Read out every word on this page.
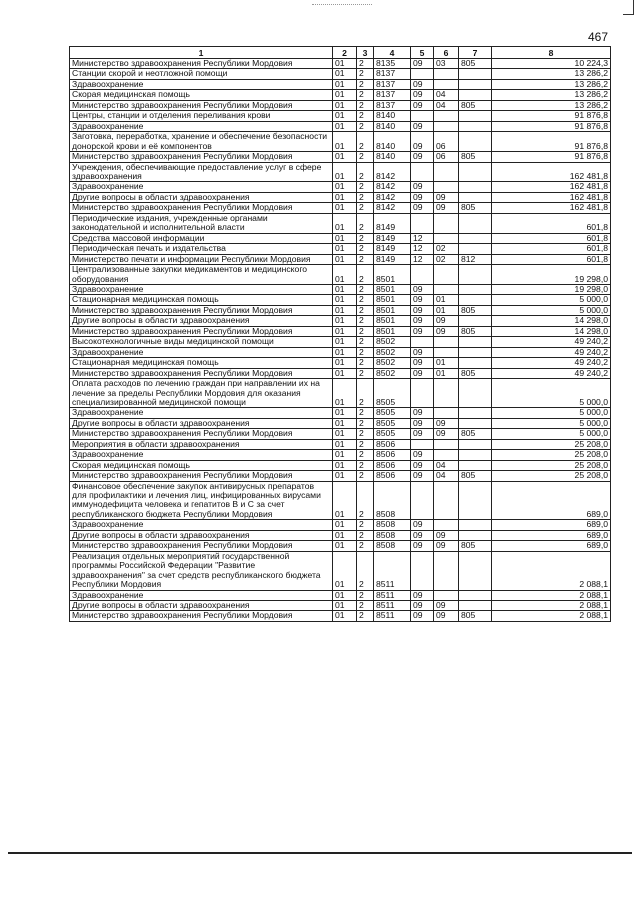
467
1	2	3	4	5	6	7	8
Министерство здравоохранения Республики Мордовия	01	2	8135	09	03	805	10 224,3
Станции скорой и неотложной помощи	01	2	8137				13 286,2
Здравоохранение	01	2	8137	09			13 286,2
Скорая медицинская помощь	01	2	8137	09	04		13 286,2
Министерство здравоохранения Республики Мордовия	01	2	8137	09	04	805	13 286,2
Центры, станции и отделения переливания крови	01	2	8140				91 876,8
Здравоохранение	01	2	8140	09			91 876,8
Заготовка, переработка, хранение и обеспечение безопасности донорской крови и её компонентов	01	2	8140	09	06		91 876,8
Министерство здравоохранения Республики Мордовия	01	2	8140	09	06	805	91 876,8
Учреждения, обеспечивающие предоставление услуг в сфере здравоохранения	01	2	8142				162 481,8
Здравоохранение	01	2	8142	09			162 481,8
Другие вопросы в области здравоохранения	01	2	8142	09	09		162 481,8
Министерство здравоохранения Республики Мордовия	01	2	8142	09	09	805	162 481,8
Периодические издания, учрежденные органами законодательной и исполнительной власти	01	2	8149				601,8
Средства массовой информации	01	2	8149	12			601,8
Периодическая печать и издательства	01	2	8149	12	02		601,8
Министерство печати и информации Республики Мордовия	01	2	8149	12	02	812	601,8
Централизованные закупки медикаментов и медицинского оборудования	01	2	8501				19 298,0
Здравоохранение	01	2	8501	09			19 298,0
Стационарная медицинская помощь	01	2	8501	09	01		5 000,0
Министерство здравоохранения Республики Мордовия	01	2	8501	09	01	805	5 000,0
Другие вопросы в области здравоохранения	01	2	8501	09	09		14 298,0
Министерство здравоохранения Республики Мордовия	01	2	8501	09	09	805	14 298,0
Высокотехнологичные виды медицинской помощи	01	2	8502				49 240,2
Здравоохранение	01	2	8502	09			49 240,2
Стационарная медицинская помощь	01	2	8502	09	01		49 240,2
Министерство здравоохранения Республики Мордовия	01	2	8502	09	01	805	49 240,2
Оплата расходов по лечению граждан при направлении их на лечение за пределы Республики Мордовия для оказания специализированной медицинской помощи	01	2	8505				5 000,0
Здравоохранение	01	2	8505	09			5 000,0
Другие вопросы в области здравоохранения	01	2	8505	09	09		5 000,0
Министерство здравоохранения Республики Мордовия	01	2	8505	09	09	805	5 000,0
Мероприятия в области здравоохранения	01	2	8506				25 208,0
Здравоохранение	01	2	8506	09			25 208,0
Скорая медицинская помощь	01	2	8506	09	04		25 208,0
Министерство здравоохранения Республики Мордовия	01	2	8506	09	04	805	25 208,0
Финансовое обеспечение закупок антивирусных препаратов для профилактики и лечения лиц, инфицированных вирусами иммунодефицита человека и гепатитов В и С за счет республиканского бюджета Республики Мордовия	01	2	8508				689,0
Здравоохранение	01	2	8508	09			689,0
Другие вопросы в области здравоохранения	01	2	8508	09	09		689,0
Министерство здравоохранения Республики Мордовия	01	2	8508	09	09	805	689,0
Реализация отдельных мероприятий государственной программы Российской Федерации "Развитие здравоохранения" за счет средств республиканского бюджета Республики Мордовия	01	2	8511				2 088,1
Здравоохранение	01	2	8511	09			2 088,1
Другие вопросы в области здравоохранения	01	2	8511	09	09		2 088,1
Министерство здравоохранения Республики Мордовия	01	2	8511	09	09	805	2 088,1
